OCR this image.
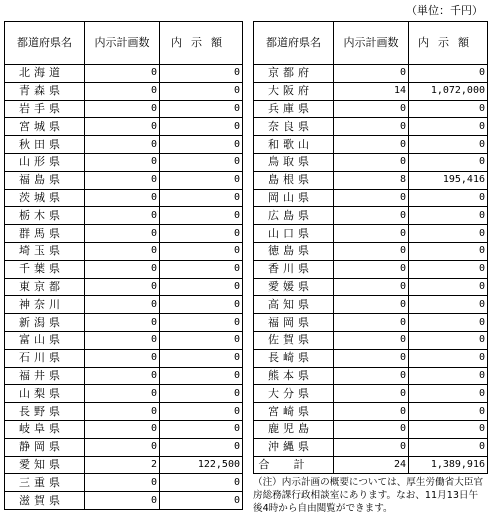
（単位：千円）
都道府県名	内示計画数	内示額
北海道	0	0
青森県	0	0
岩手県	0	0
宮城県	0	0
秋田県	0	0
山形県	0	0
福島県	0	0
茨城県	0	0
栃木県	0	0
群馬県	0	0
埼玉県	0	0
千葉県	0	0
東京都	0	0
神奈川	0	0
新潟県	0	0
富山県	0	0
石川県	0	0
福井県	0	0
山梨県	0	0
長野県	0	0
岐阜県	0	0
静岡県	0	0
愛知県	2	122,500
三重県	0	0
滋賀県	0	0
都道府県名	内示計画数	内示額
京都府	0	0
大阪府	14	1,072,000
兵庫県	0	0
奈良県	0	0
和歌山	0	0
鳥取県	0	0
島根県	8	195,416
岡山県	0	0
広島県	0	0
山口県	0	0
徳島県	0	0
香川県	0	0
愛媛県	0	0
高知県	0	0
福岡県	0	0
佐賀県	0	0
長崎県	0	0
熊本県	0	0
大分県	0	0
宮崎県	0	0
鹿児島	0	0
沖縄県	0	0
合計	24	1,389,916
（注）内示計画の概要については、厚生労働省大臣官房総務課行政相談室にあります。なお、11月13日午後4時から自由閲覧ができます。
